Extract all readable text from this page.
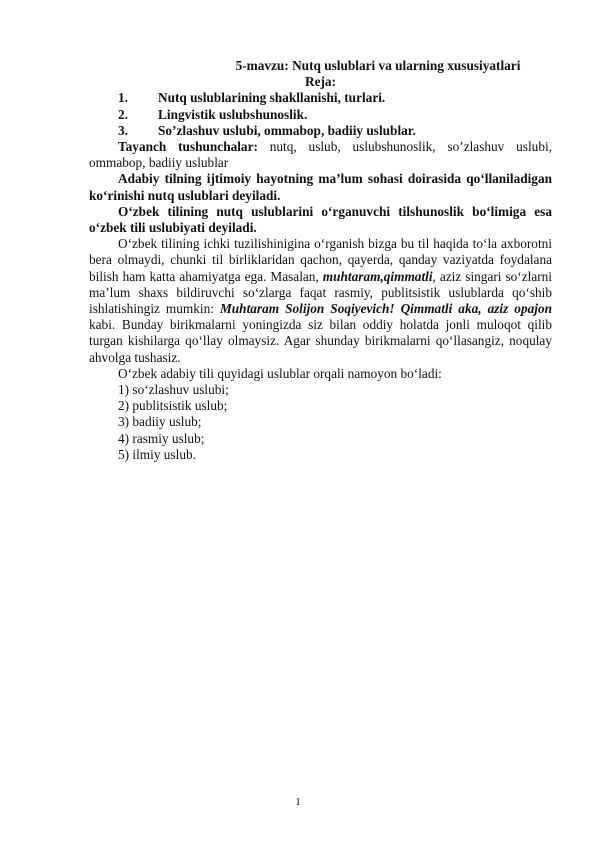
5-mavzu: Nutq uslublari va ularning xususiyatlari
Reja:
1.	Nutq uslublarining shakllanishi, turlari.
2.	Lingvistik uslubshunoslik.
3.	So’zlashuv uslubi, ommabop, badiiy uslublar.

Tayanch tushunchalar: nutq, uslub, uslubshunoslik, so’zlashuv uslubi, ommabop, badiiy uslublar

Adabiy tilning ijtimoiy hayotning ma’lum sohasi doirasida qo‘llaniladigan ko‘rinishi nutq uslublari deyiladi.

O‘zbek tilining nutq uslublarini o‘rganuvchi tilshunoslik bo‘limiga esa o‘zbek tili uslubiyati deyiladi.

O‘zbek tilining ichki tuzilishinigina o‘rganish bizga bu til haqida to‘la axborotni bera olmaydi, chunki til birliklaridan qachon, qayerda, qanday vaziyatda foydalana bilish ham katta ahamiyatga ega. Masalan, muhtaram,qimmatli, aziz singari so‘zlarni ma’lum shaxs bildiruvchi so‘zlarga faqat rasmiy, publitsistik uslublarda qo‘shib ishlatishingiz mumkin: Muhtaram Solijon Soqiyevich! Qimmatli aka, aziz opajon kabi. Bunday birikmalarni yoningizda siz bilan oddiy holatda jonli muloqot qilib turgan kishilarga qo‘llay olmaysiz. Agar shunday birikmalarni qo‘llasangiz, noqulay ahvolga tushasiz.

O‘zbek adabiy tili quyidagi uslublar orqali namoyon bo‘ladi:

1) so‘zlashuv uslubi;
2) publitsistik uslub;
3) badiiy uslub;
4) rasmiy uslub;
5) ilmiy uslub.
1
